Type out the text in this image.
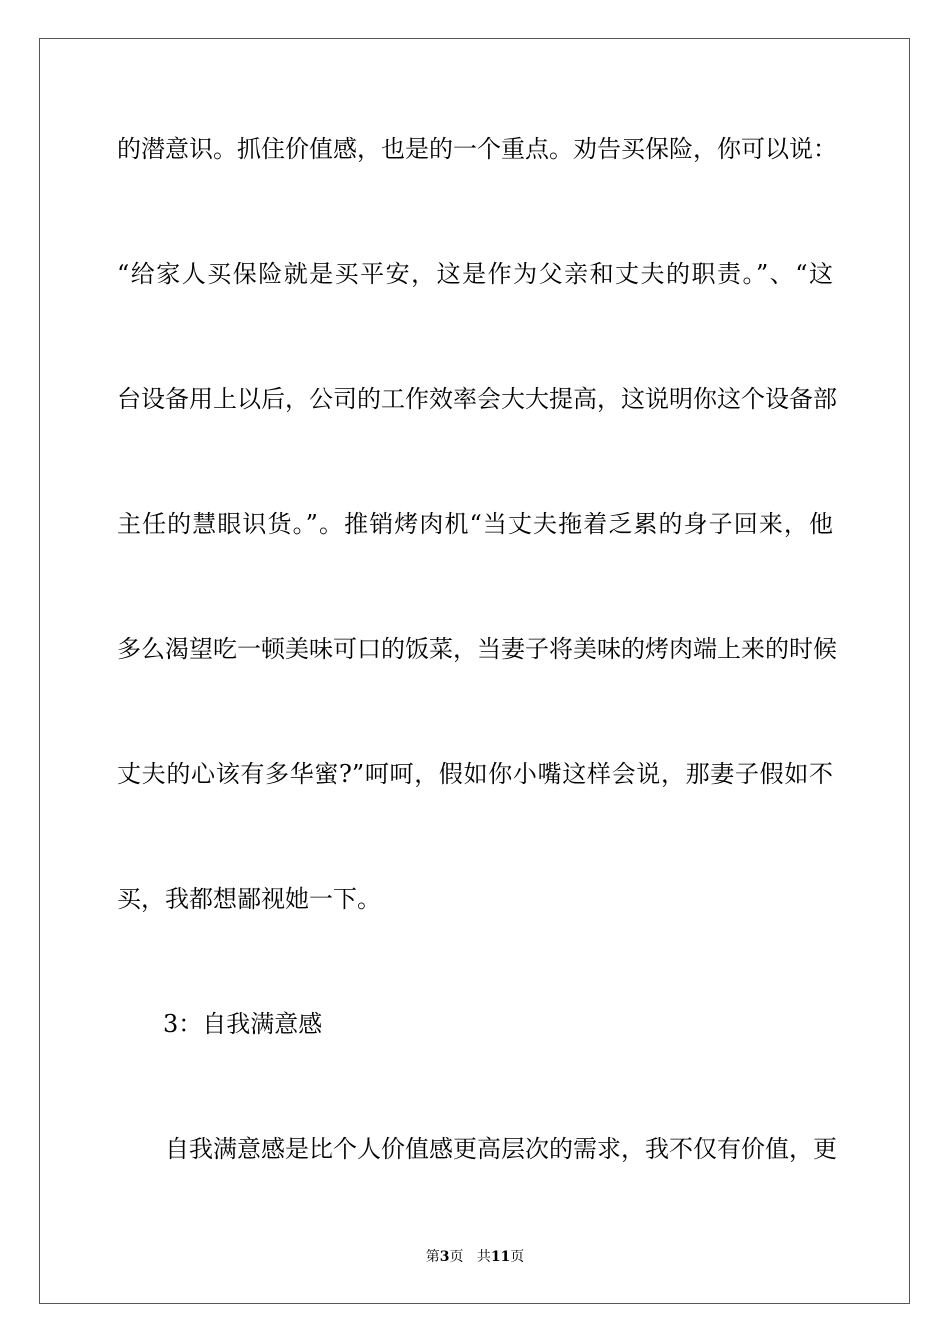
的潜意识。抓住价值感，也是的一个重点。劝告买保险，你可以说：
“给家人买保险就是买平安，这是作为父亲和丈夫的职责。”、“这
台设备用上以后，公司的工作效率会大大提高，这说明你这个设备部
主任的慧眼识货。”。推销烤肉机“当丈夫拖着乏累的身子回来，他
多么渴望吃一顿美味可口的饭菜，当妻子将美味的烤肉端上来的时候
丈夫的心该有多华蜜?”呵呵，假如你小嘴这样会说，那妻子假如不
买，我都想鄙视她一下。
3：自我满意感
自我满意感是比个人价值感更高层次的需求，我不仅有价值，更
第3页 共11页
